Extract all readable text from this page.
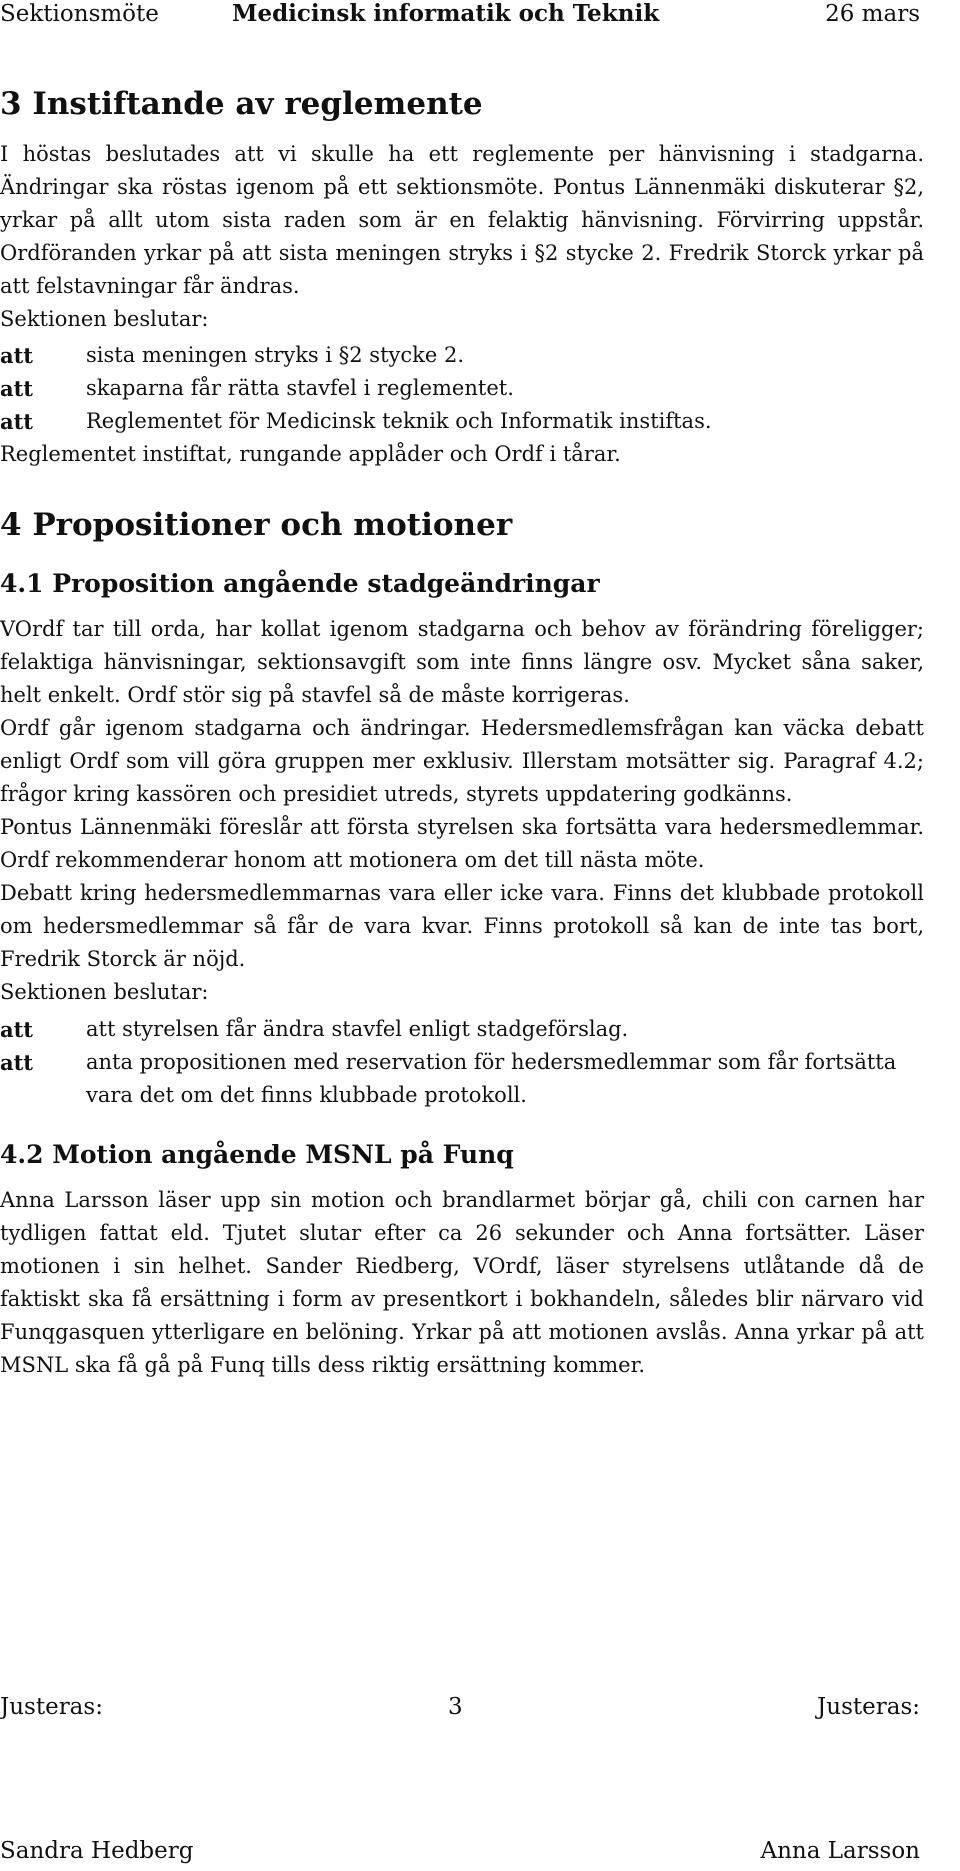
Sektionsmöte	Medicinsk informatik och Teknik	26 mars
3 Instiftande av reglemente

I höstas beslutades att vi skulle ha ett reglemente per hänvisning i stadgarna. Ändringar ska röstas igenom på ett sektionsmöte. Pontus Lännenmäki diskuterar §2, yrkar på allt utom sista raden som är en felaktig hänvisning. Förvirring uppstår. Ordföranden yrkar på att sista meningen stryks i §2 stycke 2. Fredrik Storck yrkar på att felstavningar får ändras.

Sektionen beslutar:
att	sista meningen stryks i §2 stycke 2.
att	skaparna får rätta stavfel i reglementet.
att	Reglementet för Medicinsk teknik och Informatik instiftas.
Reglementet instiftat, rungande applåder och Ordf i tårar.
4 Propositioner och motioner
4.1 Proposition angående stadgeändringar

VOrdf tar till orda, har kollat igenom stadgarna och behov av förändring föreligger; felaktiga hänvisningar, sektionsavgift som inte finns längre osv. Mycket såna saker, helt enkelt. Ordf stör sig på stavfel så de måste korrigeras.

Ordf går igenom stadgarna och ändringar. Hedersmedlemsfrågan kan väcka debatt enligt Ordf som vill göra gruppen mer exklusiv. Illerstam motsätter sig. Paragraf 4.2; frågor kring kassören och presidiet utreds, styrets uppdatering godkänns.

Pontus Lännenmäki föreslår att första styrelsen ska fortsätta vara hedersmedlemmar. Ordf rekommenderar honom att motionera om det till nästa möte.

Debatt kring hedersmedlemmarnas vara eller icke vara. Finns det klubbade protokoll om hedersmedlemmar så får de vara kvar. Finns protokoll så kan de inte tas bort, Fredrik Storck är nöjd.

Sektionen beslutar:
att	att styrelsen får ändra stavfel enligt stadgeförslag.
att	anta propositionen med reservation för hedersmedlemmar som får fortsätta vara det om det finns klubbade protokoll.
4.2 Motion angående MSNL på Funq

Anna Larsson läser upp sin motion och brandlarmet börjar gå, chili con carnen har tydligen fattat eld. Tjutet slutar efter ca 26 sekunder och Anna fortsätter. Läser motionen i sin helhet. Sander Riedberg, VOrdf, läser styrelsens utlåtande då de faktiskt ska få ersättning i form av presentkort i bokhandeln, således blir närvaro vid Funqgasquen ytterligare en belöning. Yrkar på att motionen avslås. Anna yrkar på att MSNL ska få gå på Funq tills dess riktig ersättning kommer.

Justeras:	3	Justeras:
Sandra Hedberg	Anna Larsson
